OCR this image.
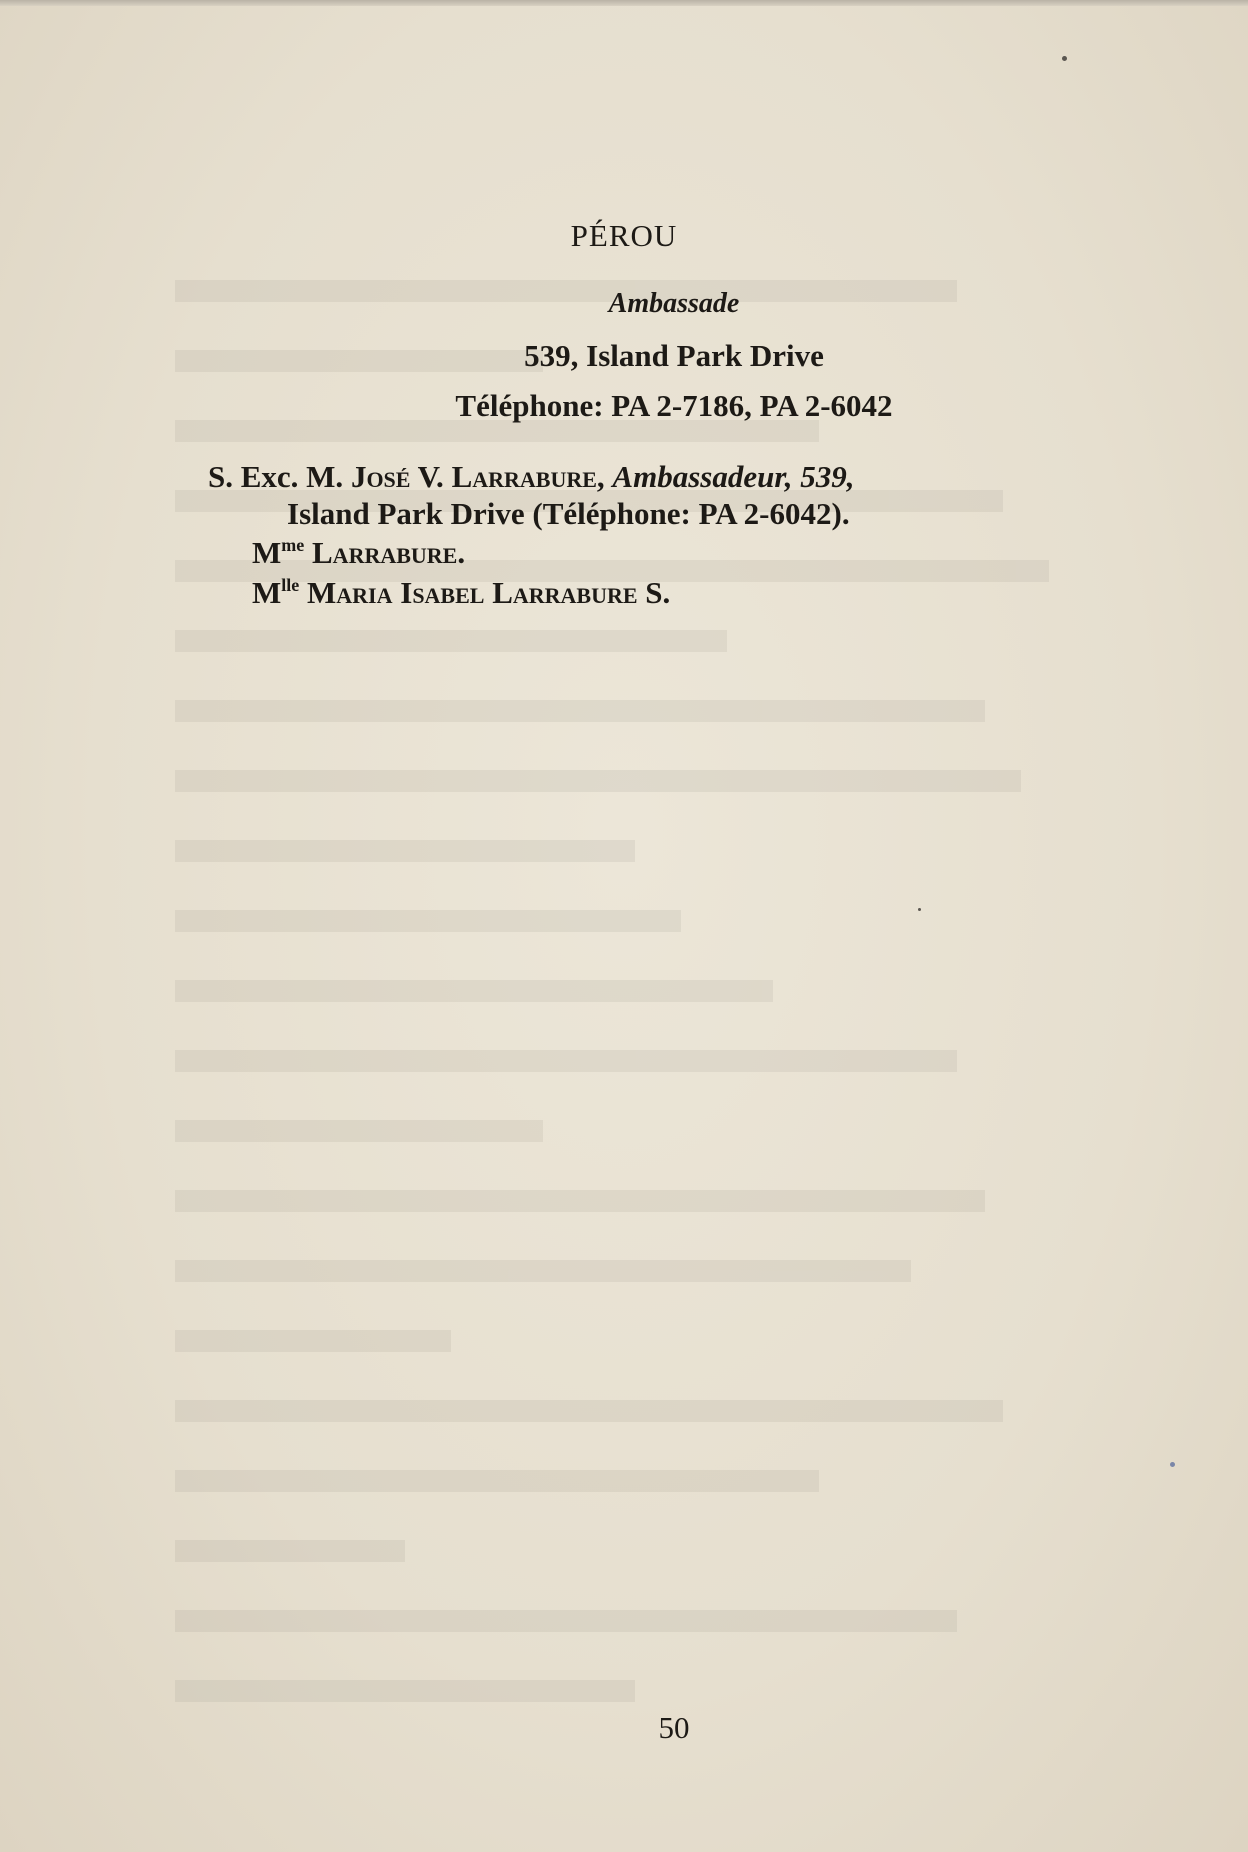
PÉROU
Ambassade
539, Island Park Drive
Téléphone: PA 2-7186, PA 2-6042
S. Exc. M. José V. Larrabure, Ambassadeur, 539,
Island Park Drive (Téléphone: PA 2-6042).
$M^{me}$ Larrabure.
$M^{lle}$ Maria Isabel Larrabure S.
50
